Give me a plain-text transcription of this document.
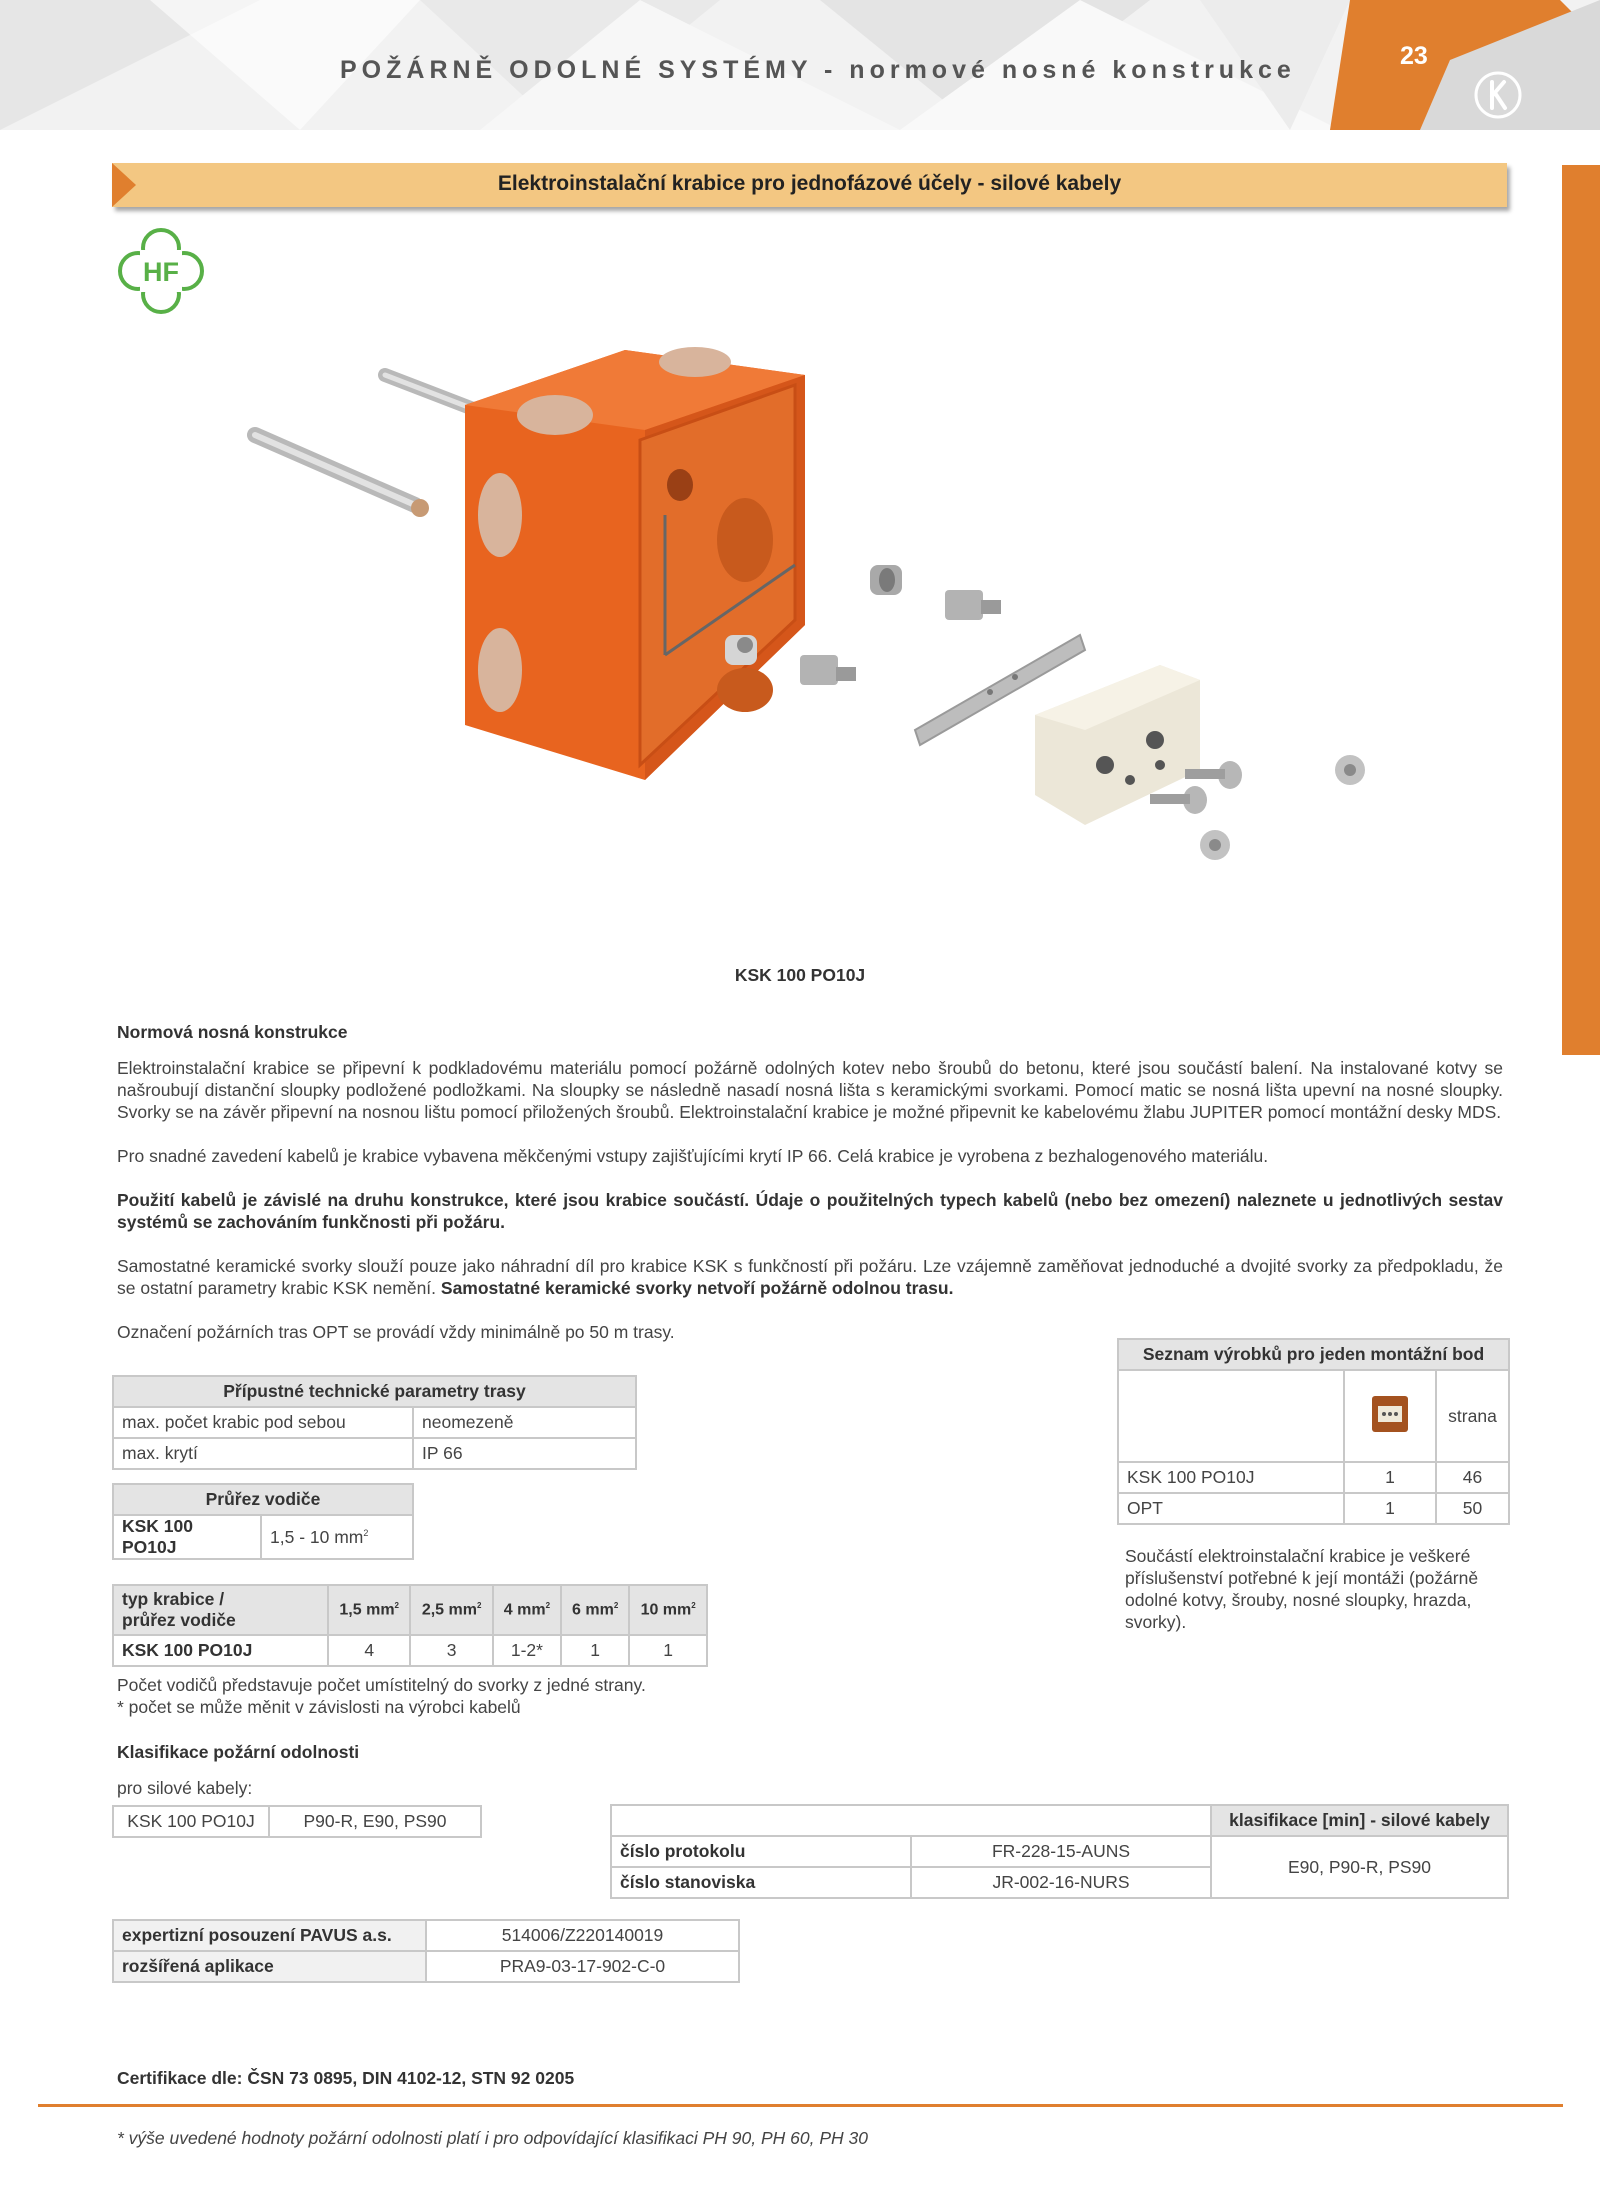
POŽÁRNĚ ODOLNÉ SYSTÉMY - normové nosné konstrukce	23
Elektroinstalační krabice pro jednofázové účely - silové kabely
HF
KSK 100 PO10J
Normová nosná konstrukce
Elektroinstalační krabice se připevní k podkladovému materiálu pomocí požárně odolných kotev nebo šroubů do betonu, které jsou součástí balení. Na instalované kotvy se našroubují distanční sloupky podložené podložkami. Na sloupky se následně nasadí nosná lišta s keramickými svorkami. Pomocí matic se nosná lišta upevní na nosné sloupky. Svorky se na závěr připevní na nosnou lištu pomocí přiložených šroubů. Elektroinstalační krabice je možné připevnit ke kabelovému žlabu JUPITER pomocí montážní desky MDS.
Pro snadné zavedení kabelů je krabice vybavena měkčenými vstupy zajišťujícími krytí IP 66. Celá krabice je vyrobena z bezhalogenového materiálu.
Použití kabelů je závislé na druhu konstrukce, které jsou krabice součástí. Údaje o použitelných typech kabelů (nebo bez omezení) naleznete u jednotlivých sestav systémů se zachováním funkčnosti při požáru.
Samostatné keramické svorky slouží pouze jako náhradní díl pro krabice KSK s funkčností při požáru. Lze vzájemně zaměňovat jednoduché a dvojité svorky za předpokladu, že se ostatní parametry krabic KSK nemění. Samostatné keramické svorky netvoří požárně odolnou trasu.
Označení požárních tras OPT se provádí vždy minimálně po 50 m trasy.
Přípustné technické parametry trasy	
max. počet krabic pod sebou	neomezeně
max. krytí	IP 66
Průřez vodiče
KSK 100 PO10J	1,5 - 10 $mm^2$
typ krabice /
průřez vodiče	1,5 $mm^2$	2,5 $mm^2$	4 $mm^2$	6 $mm^2$	10 $mm^2$
KSK 100 PO10J	4	3	1-2*	1	1
Počet vodičů představuje počet umístitelný do svorky z jedné strany.
* počet se může měnit v závislosti na výrobci kabelů
Seznam výrobků pro jeden montážní bod		
		strana
KSK 100 PO10J	1	46
OPT	1	50
Součástí elektroinstalační krabice je veškeré příslušenství potřebné k její montáži (požárně odolné kotvy, šrouby, nosné sloupky, hrazda, svorky).
Klasifikace požární odolnosti
pro silové kabely:
KSK 100 PO10J	P90-R, E90, PS90
			klasifikace [min] - silové kabely
číslo protokolu	FR-228-15-AUNS	E90, P90-R, PS90
číslo stanoviska	JR-002-16-NURS	
expertizní posouzení PAVUS a.s.	514006/Z220140019
rozšířená aplikace	PRA9-03-17-902-C-0
Certifikace dle: ČSN 73 0895, DIN 4102-12, STN 92 0205
* výše uvedené hodnoty požární odolnosti platí i pro odpovídající klasifikaci PH 90, PH 60, PH 30
